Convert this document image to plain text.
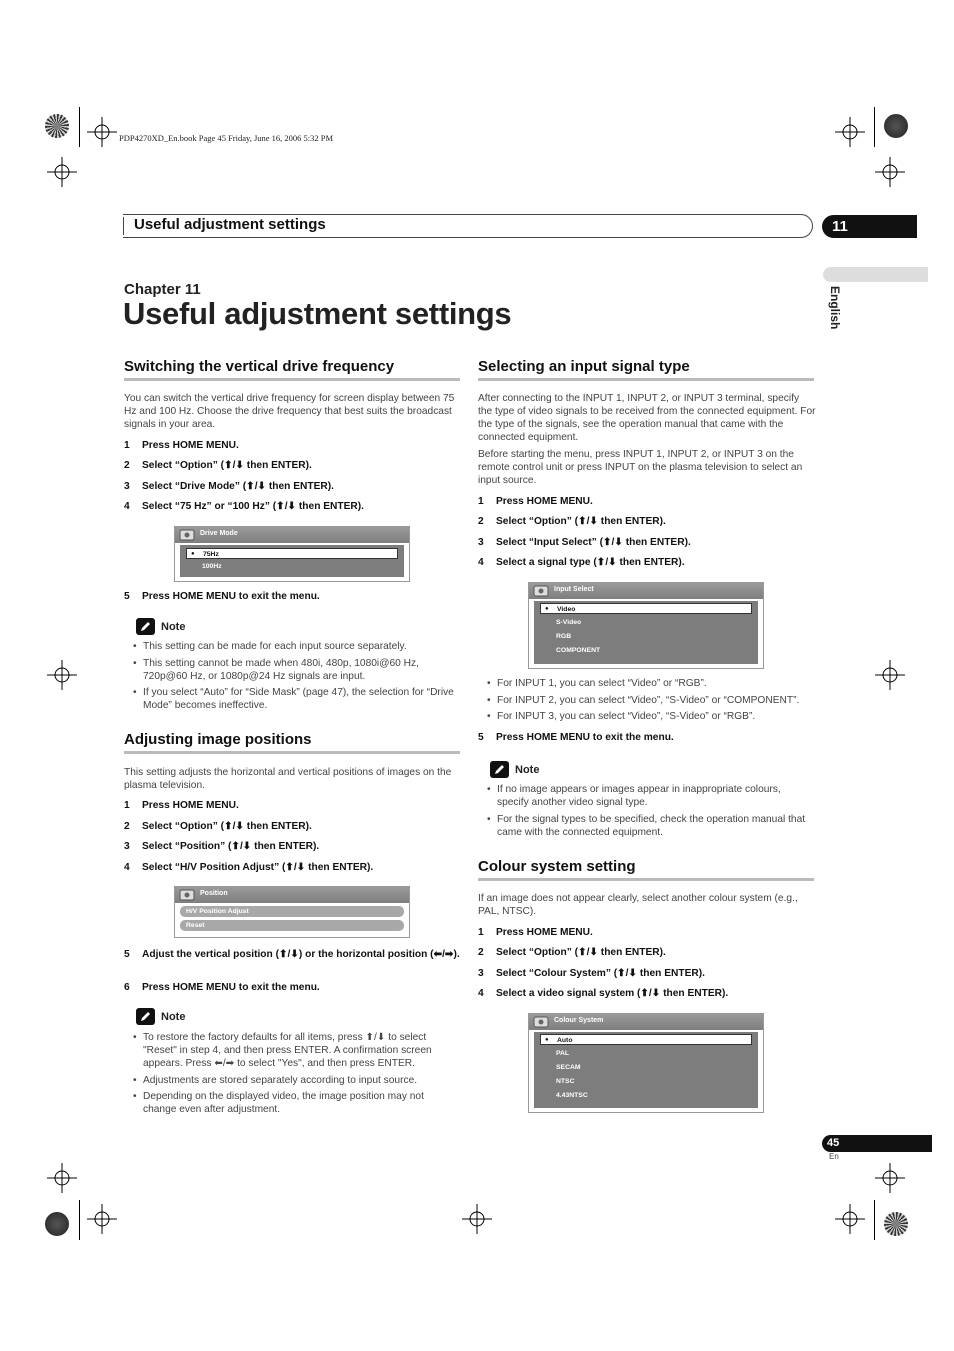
PDP4270XD_En.book Page 45 Friday, June 16, 2006 5:32 PM
Useful adjustment settings	11
English
Chapter 11
Useful adjustment settings
Switching the vertical drive frequency
You can switch the vertical drive frequency for screen display between 75 Hz and 100 Hz. Choose the drive frequency that best suits the broadcast signals in your area.
1 Press HOME MENU.
2 Select “Option” (⬆/⬇ then ENTER).
3 Select “Drive Mode” (⬆/⬇ then ENTER).
4 Select “75 Hz” or “100 Hz” (⬆/⬇ then ENTER).
Drive Mode
● 75Hz
100Hz
5 Press HOME MENU to exit the menu.
Note
• This setting can be made for each input source separately.
• This setting cannot be made when 480i, 480p, 1080i@60 Hz, 720p@60 Hz, or 1080p@24 Hz signals are input.
• If you select “Auto” for “Side Mask” (page 47), the selection for “Drive Mode” becomes ineffective.
Adjusting image positions
This setting adjusts the horizontal and vertical positions of images on the plasma television.
1 Press HOME MENU.
2 Select “Option” (⬆/⬇ then ENTER).
3 Select “Position” (⬆/⬇ then ENTER).
4 Select “H/V Position Adjust” (⬆/⬇ then ENTER).
Position
H/V Position Adjust
Reset
5 Adjust the vertical position (⬆/⬇) or the horizontal position (⬅/➡).
6 Press HOME MENU to exit the menu.
Note
• To restore the factory defaults for all items, press ⬆/⬇ to select "Reset" in step 4, and then press ENTER. A confirmation screen appears. Press ⬅/➡ to select "Yes", and then press ENTER.
• Adjustments are stored separately according to input source.
• Depending on the displayed video, the image position may not change even after adjustment.
Selecting an input signal type
After connecting to the INPUT 1, INPUT 2, or INPUT 3 terminal, specify the type of video signals to be received from the connected equipment. For the type of the signals, see the operation manual that came with the connected equipment.
Before starting the menu, press INPUT 1, INPUT 2, or INPUT 3 on the remote control unit or press INPUT on the plasma television to select an input source.
1 Press HOME MENU.
2 Select “Option” (⬆/⬇ then ENTER).
3 Select “Input Select” (⬆/⬇ then ENTER).
4 Select a signal type (⬆/⬇ then ENTER).
Input Select
● Video
S-Video
RGB
COMPONENT
• For INPUT 1, you can select “Video” or “RGB”.
• For INPUT 2, you can select “Video”, “S-Video” or “COMPONENT”.
• For INPUT 3, you can select “Video”, “S-Video” or “RGB”.
5 Press HOME MENU to exit the menu.
Note
• If no image appears or images appear in inappropriate colours, specify another video signal type.
• For the signal types to be specified, check the operation manual that came with the connected equipment.
Colour system setting
If an image does not appear clearly, select another colour system (e.g., PAL, NTSC).
1 Press HOME MENU.
2 Select “Option” (⬆/⬇ then ENTER).
3 Select “Colour System” (⬆/⬇ then ENTER).
4 Select a video signal system (⬆/⬇ then ENTER).
Colour System
● Auto
PAL
SECAM
NTSC
4.43NTSC
45
En
